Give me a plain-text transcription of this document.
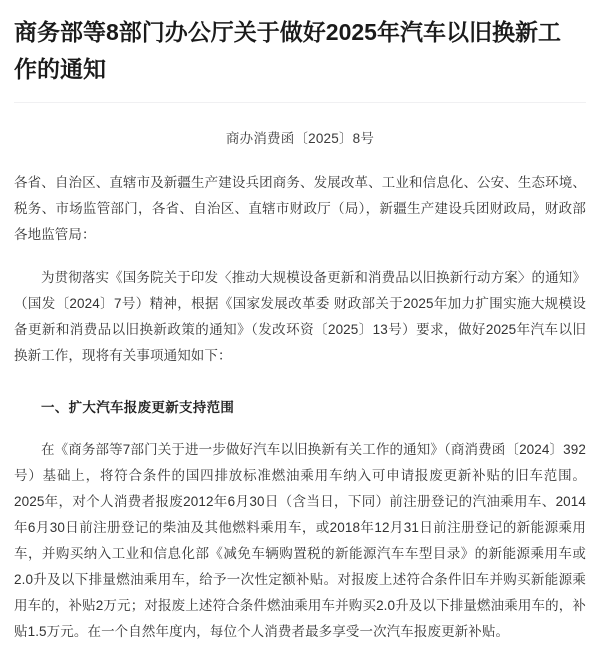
商务部等8部门办公厅关于做好2025年汽车以旧换新工作的通知
商办消费函〔2025〕8号

各省、自治区、直辖市及新疆生产建设兵团商务、发展改革、工业和信息化、公安、生态环境、税务、市场监管部门，各省、自治区、直辖市财政厅（局），新疆生产建设兵团财政局，财政部各地监管局：

为贯彻落实《国务院关于印发〈推动大规模设备更新和消费品以旧换新行动方案〉的通知》（国发〔2024〕7号）精神，根据《国家发展改革委 财政部关于2025年加力扩围实施大规模设备更新和消费品以旧换新政策的通知》（发改环资〔2025〕13号）要求，做好2025年汽车以旧换新工作，现将有关事项通知如下：

一、扩大汽车报废更新支持范围

在《商务部等7部门关于进一步做好汽车以旧换新有关工作的通知》（商消费函〔2024〕392号）基础上，将符合条件的国四排放标准燃油乘用车纳入可申请报废更新补贴的旧车范围。2025年，对个人消费者报废2012年6月30日（含当日，下同）前注册登记的汽油乘用车、2014年6月30日前注册登记的柴油及其他燃料乘用车，或2018年12月31日前注册登记的新能源乘用车，并购买纳入工业和信息化部《减免车辆购置税的新能源汽车车型目录》的新能源乘用车或2.0升及以下排量燃油乘用车，给予一次性定额补贴。对报废上述符合条件旧车并购买新能源乘用车的，补贴2万元；对报废上述符合条件燃油乘用车并购买2.0升及以下排量燃油乘用车的，补贴1.5万元。在一个自然年度内，每位个人消费者最多享受一次汽车报废更新补贴。
